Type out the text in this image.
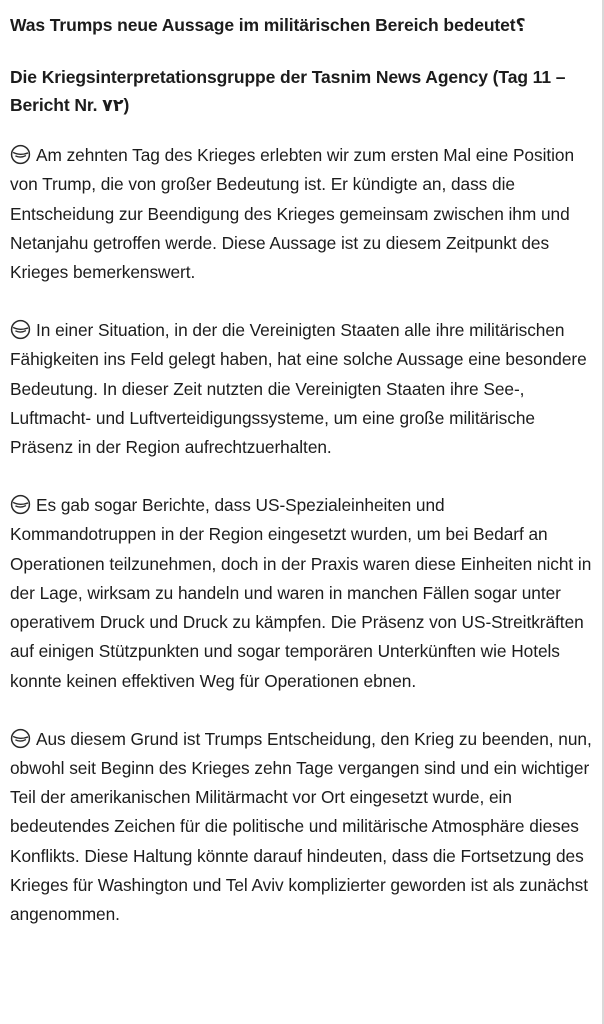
Was Trumps neue Aussage im militärischen Bereich bedeutet؟
Die Kriegsinterpretationsgruppe der Tasnim News Agency (Tag 11 – Bericht Nr. ٧٢)
Am zehnten Tag des Krieges erlebten wir zum ersten Mal eine Position von Trump, die von großer Bedeutung ist. Er kündigte an, dass die Entscheidung zur Beendigung des Krieges gemeinsam zwischen ihm und Netanjahu getroffen werde. Diese Aussage ist zu diesem Zeitpunkt des Krieges bemerkenswert.
In einer Situation, in der die Vereinigten Staaten alle ihre militärischen Fähigkeiten ins Feld gelegt haben, hat eine solche Aussage eine besondere Bedeutung. In dieser Zeit nutzten die Vereinigten Staaten ihre See-, Luftmacht- und Luftverteidigungssysteme, um eine große militärische Präsenz in der Region aufrechtzuerhalten.
Es gab sogar Berichte, dass US-Spezialeinheiten und Kommandotruppen in der Region eingesetzt wurden, um bei Bedarf an Operationen teilzunehmen, doch in der Praxis waren diese Einheiten nicht in der Lage, wirksam zu handeln und waren in manchen Fällen sogar unter operativem Druck und Druck zu kämpfen. Die Präsenz von US-Streitkräften auf einigen Stützpunkten und sogar temporären Unterkünften wie Hotels konnte keinen effektiven Weg für Operationen ebnen.
Aus diesem Grund ist Trumps Entscheidung, den Krieg zu beenden, nun, obwohl seit Beginn des Krieges zehn Tage vergangen sind und ein wichtiger Teil der amerikanischen Militärmacht vor Ort eingesetzt wurde, ein bedeutendes Zeichen für die politische und militärische Atmosphäre dieses Konflikts. Diese Haltung könnte darauf hindeuten, dass die Fortsetzung des Krieges für Washington und Tel Aviv komplizierter geworden ist als zunächst angenommen.
